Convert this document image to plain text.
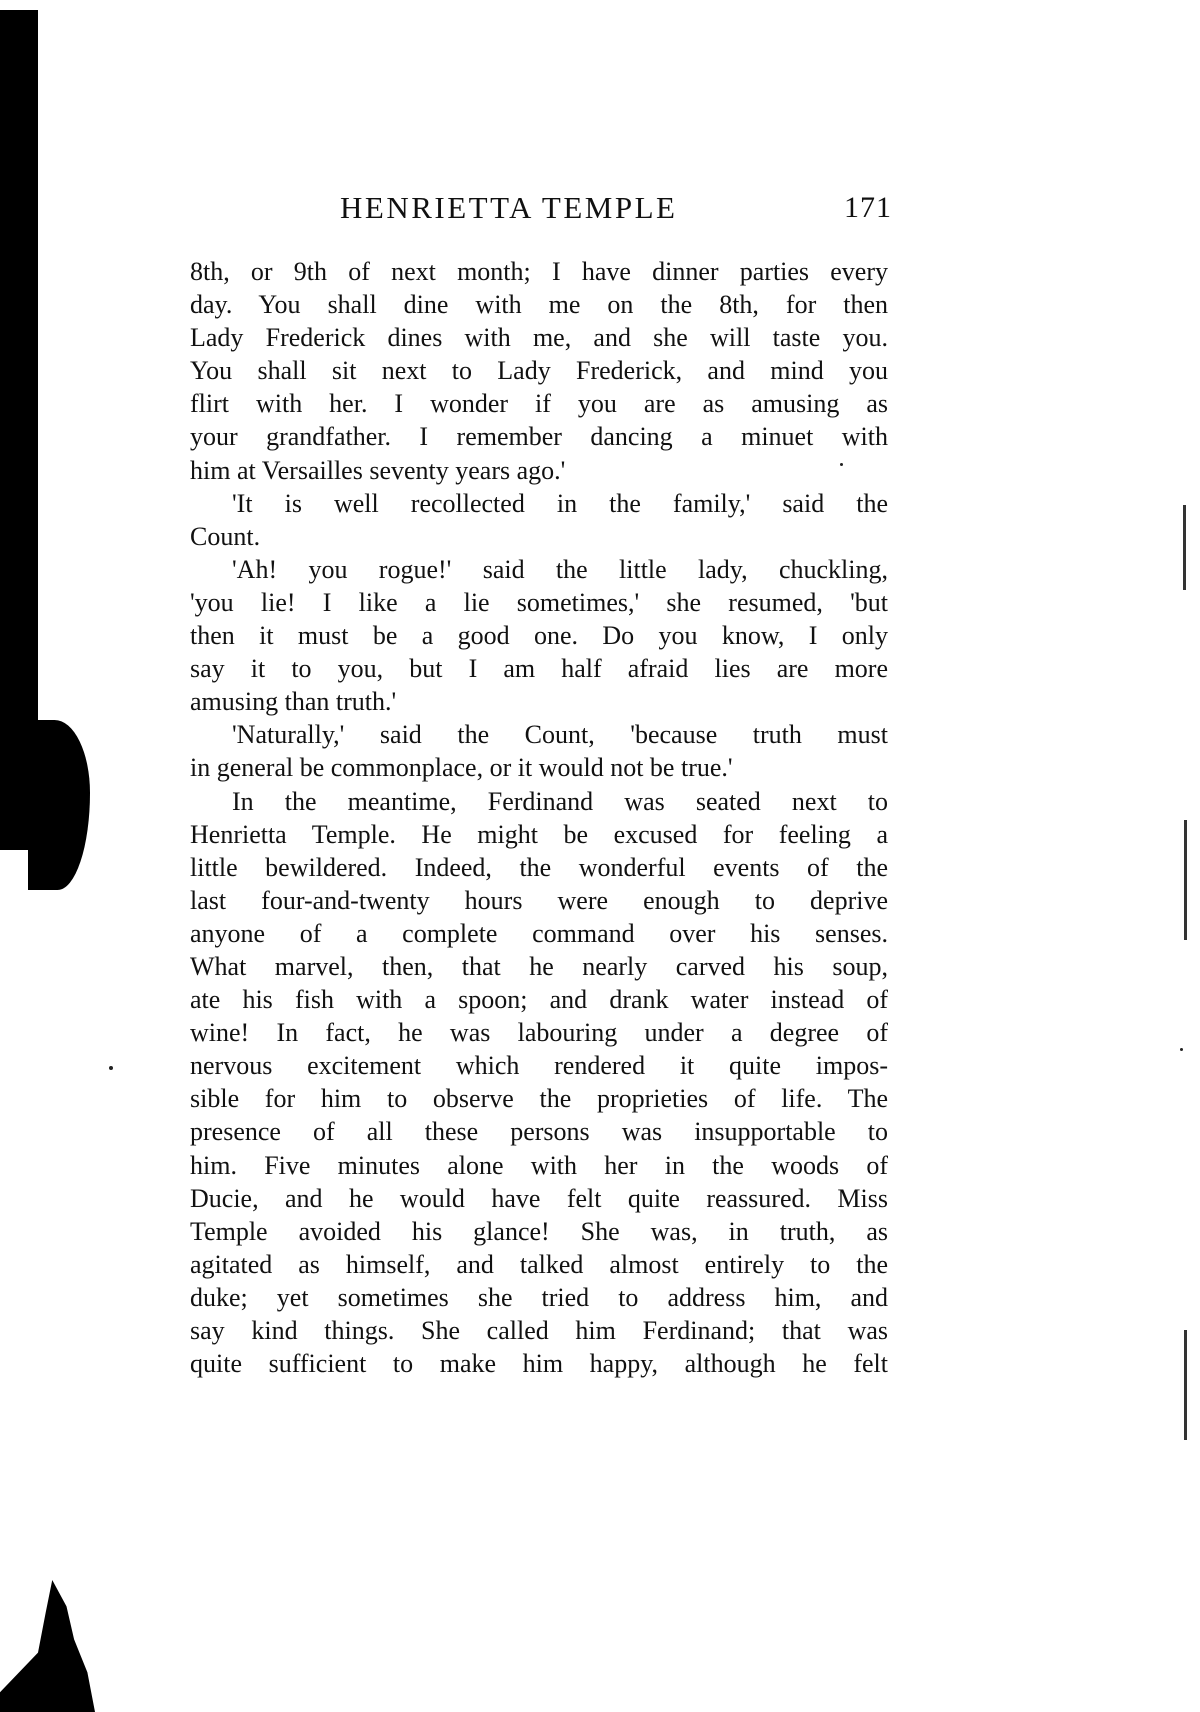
HENRIETTA TEMPLE	171
8th, or 9th of next month; I have dinner parties every
day. You shall dine with me on the 8th, for then
Lady Frederick dines with me, and she will taste you.
You shall sit next to Lady Frederick, and mind you
flirt with her. I wonder if you are as amusing as
your grandfather. I remember dancing a minuet with
him at Versailles seventy years ago.'
'It is well recollected in the family,' said the
Count.
'Ah! you rogue!' said the little lady, chuckling,
'you lie! I like a lie sometimes,' she resumed, 'but
then it must be a good one. Do you know, I only
say it to you, but I am half afraid lies are more
amusing than truth.'
'Naturally,' said the Count, 'because truth must
in general be commonplace, or it would not be true.'
In the meantime, Ferdinand was seated next to
Henrietta Temple. He might be excused for feeling a
little bewildered. Indeed, the wonderful events of the
last four-and-twenty hours were enough to deprive
anyone of a complete command over his senses.
What marvel, then, that he nearly carved his soup,
ate his fish with a spoon; and drank water instead of
wine! In fact, he was labouring under a degree of
nervous excitement which rendered it quite impos-
sible for him to observe the proprieties of life. The
presence of all these persons was insupportable to
him. Five minutes alone with her in the woods of
Ducie, and he would have felt quite reassured. Miss
Temple avoided his glance! She was, in truth, as
agitated as himself, and talked almost entirely to the
duke; yet sometimes she tried to address him, and
say kind things. She called him Ferdinand; that was
quite sufficient to make him happy, although he felt
